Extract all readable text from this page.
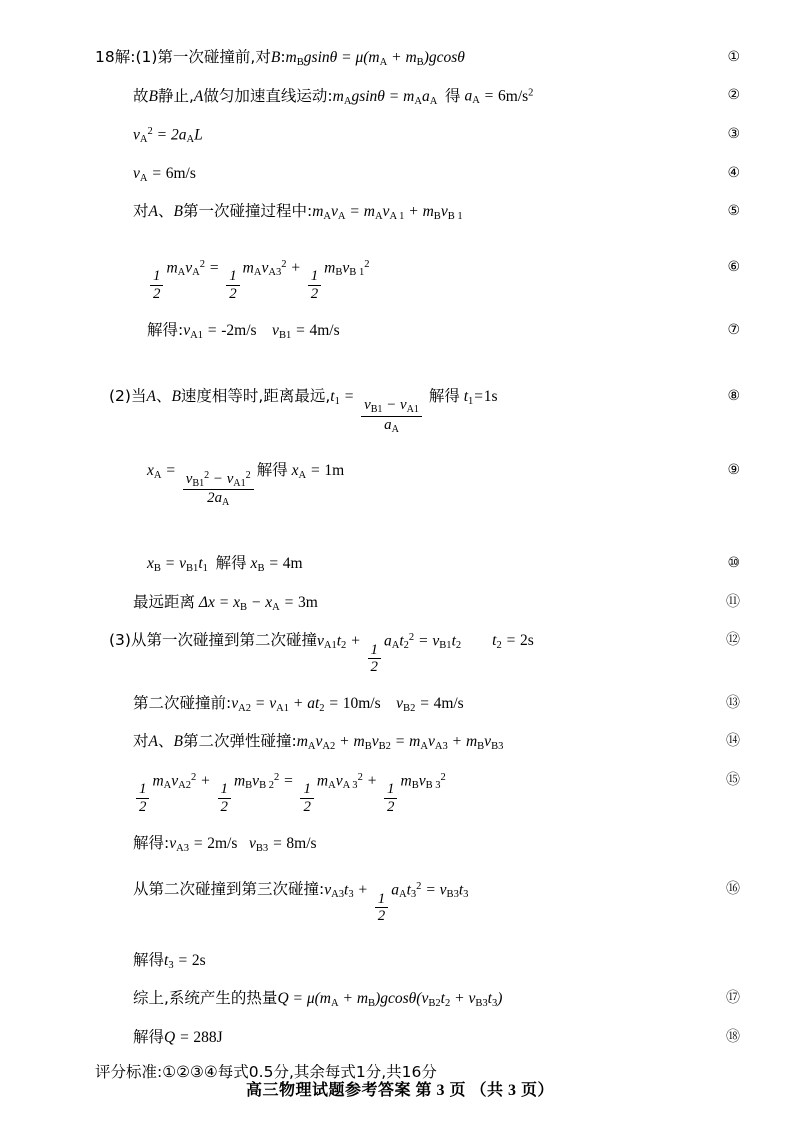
18解:(1)第一次碰撞前,对 B : $m_Bgsin\theta = \mu(m_A + m_B)gcos\theta$	①
故 B 静止, A 做匀加速直线运动: $m_Agsin\theta = m_Aa_A$
得
$a_A = 6m/s^2$	②
$v_A^2 = 2a_AL$	③
$v_A = 6m/s$	④
对 A 、 B 第一次碰撞过程中: $m_Av_A = m_Av_{A 1} + m_Bv_{B 1}$	⑤
$\frac{1}{2}$
$m_Av_A^2$ =
$\frac{1}{2}$
$m_Av_{A3}^2$ +
$\frac{1}{2}$
$m_Bv_{B 1}^2$	⑥
解得: $v_{A1} = -2m/s$
$v_{B1} = 4m/s$	⑦
(2)当 A 、 B 速度相等时,距离最远, $t_1$ =
$\frac{v_{B1} - v_{A1}}{a_A}$

解得
$t_1=1s$	⑧
$x_A = \frac{v_{B1}^2 - v_{A1}^2}{2a_A}$
解得
$x_A = 1m$	⑨
$x_B = v_{B1}t_1$
解得
$x_B = 4m$	⑩
最远距离
$\Delta x = x_B - x_A = 3m$	⑪
(3)从第一次碰撞到第二次碰撞 $v_{A1}t_2$ +
$\frac{1}{2}$
$a_At_2^2 = v_{B1}t_2$
$t_2 = 2s$	⑫
第二次碰撞前: $v_{A2} = v_{A1} + at_2 = 10m/s$
$v_{B2} = 4m/s$	⑬
对 A 、 B 第二次弹性碰撞: $m_Av_{A2} + m_Bv_{B2} = m_Av_{A3} + m_Bv_{B3}$	⑭
$\frac{1}{2}$
$m_Av_{A2}^2$ +
$\frac{1}{2}$
$m_Bv_{B 2}^2$ =
$\frac{1}{2}$
$m_Av_{A 3}^2$ +
$\frac{1}{2}$
$m_Bv_{B 3}^2$	⑮
解得: $v_{A3} = 2m/s$
$v_{B3} = 8m/s$
从第二次碰撞到第三次碰撞: $v_{A3}t_3$ +
$\frac{1}{2}$
$a_At_3^2 = v_{B3}t_3$	⑯
解得 $t_3 = 2s$
综上,系统产生的热量 $Q = \mu(m_A + m_B)gcos\theta(v_{B2}t_2 + v_{B3}t_3)$	⑰
解得 Q = 288J	⑱
评分标准:①②③④每式0.5分,其余每式1分,共16分
高三物理试题参考答案 第 3 页 （共 3 页）
